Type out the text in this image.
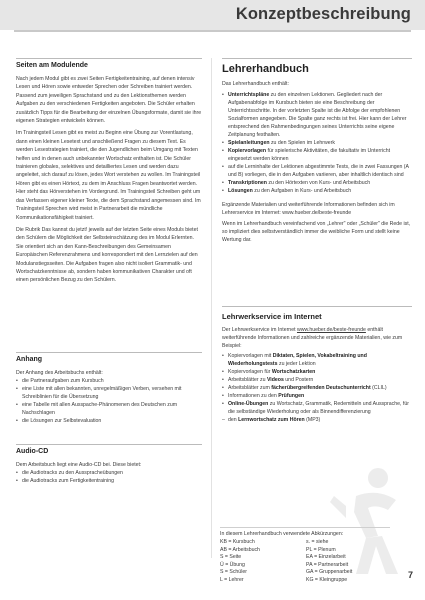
Konzeptbeschreibung
Seiten am Modulende

Nach jedem Modul gibt es zwei Seiten Fertigkeitentraining, auf denen intensiv Lesen und Hören sowie entweder Sprechen oder Schreiben trainiert werden. Passend zum jeweiligen Sprachstand und zu den Lektionsthemen werden Aufgaben zu den verschiedenen Fertigkeiten angeboten. Die Schüler erhalten zusätzlich Tipps für die Bearbeitung der einzelnen Übungsformate, damit sie ihre eigenen Strategien entwickeln können.

Im Trainingsteil Lesen gibt es meist zu Beginn eine Übung zur Vorentlastung, dann einen kleinen Lesetext und anschließend Fragen zu diesem Text. Es werden Lesestrategien trainiert, die den Jugendlichen beim Umgang mit Texten helfen und in denen auch unbekannter Wortschatz enthalten ist. Die Schüler trainieren globales, selektives und detailliertes Lesen und werden dazu angeleitet, sich darauf zu lösen, jedes Wort verstehen zu wollen. Im Trainingsteil Hören gibt es einen Hörtext, zu dem im Anschluss Fragen beantwortet werden. Hier steht das Hörverstehen im Vordergrund. Im Trainingsteil Schreiben geht um das Verfassen eigener kleiner Texte, die dem Sprachstand angemessen sind. Im Trainingsteil Sprechen wird meist in Partnerarbeit die mündliche Kommunikationsfähigkeit trainiert.

Die Rubrik Das kannst du jetzt! jeweils auf der letzten Seite eines Moduls bietet den Schülern die Möglichkeit der Selbsteinschätzung des im Modul Erlernten. Sie orientiert sich an den Kann-Beschreibungen des Gemeinsamen Europäischen Referenzrahmens und korrespondiert mit den Lernzielen auf den Modulanstiegsseiten. Die Aufgaben fragen also nicht isoliert Grammatik- und Wortschatzkenntnisse ab, sondern haben kommunikativen Charakter und oft einen persönlichen Bezug zu den Schülern.

Anhang

Der Anhang des Arbeitsbuchs enthält:

• die Partneraufgaben zum Kursbuch
• eine Liste mit allen bekannten, unregelmäßigen Verben, versehen mit Schreiblinien für die Übersetzung
• eine Tabelle mit allen Ausspache-Phänomenen des Deutschen zum Nachschlagen
• die Lösungen zur Selbstevaluation
Audio-CD

Dem Arbeitsbuch liegt eine Audio-CD bei. Diese bietet:

• die Audiotracks zu den Ausspracheübungen
• die Audiotracks zum Fertigkeitentraining
Lehrerhandbuch

Das Lehrerhandbuch enthält:

• Unterrichtspläne zu den einzelnen Lektionen. Gegliedert nach der Aufgabenabfolge im Kursbuch bieten sie eine Beschreibung der Unterrichtsschritte. In der vorletzten Spalte ist die Abfolge der empfohlenen Sozialformen angegeben. Die Spalte ganz rechts ist frei. Hier kann der Lehrer entsprechend den Rahmenbedingungen seines Unterrichts seine eigene Zeitplanung festhalten.
• Spielanleitungen zu den Spielen im Lehrwerk
• Kopiervorlagen für spielerische Aktivitäten, die fakultativ im Unterricht eingesetzt werden können
• auf die Lerninhalte der Lektionen abgestimmte Tests, die in zwei Fassungen (A und B) vorliegen, die in den Aufgaben variieren, aber inhaltlich identisch sind
• Transkriptionen zu den Hörtexten von Kurs- und Arbeitsbuch
• Lösungen zu den Aufgaben in Kurs- und Arbeitsbuch

Ergänzende Materialien und weiterführende Informationen befinden sich im Lehrerservice im Internet: www.hueber.de/beste-freunde

Wenn im Lehrerhandbuch vereinfachend von „Lehrer" oder „Schüler" die Rede ist, so impliziert dies selbstverständlich immer die weibliche Form und stellt keine Wertung dar.

Lehrwerkservice im Internet

Der Lehrwerkservice im Internet www.hueber.de/beste-freunde enthält weiterführende Informationen und zahlreiche ergänzende Materialien, wie zum Beispiel:

• Kopiervorlagen mit Diktaten, Spielen, Vokabeltraining und Wiederholungstests zu jeder Lektion
• Kopiervorlagen für Wortschatzkarten
• Arbeitsblätter zu Videos und Postern
• Arbeitsblätter zum fächerübergreifenden Deutschunterricht (CLIL)
• Informationen zu den Prüfungen
• Online-Übungen zu Wortschatz, Grammatik, Redemitteln und Aussprache, für die selbständige Wiederholung oder als Binnendifferenzierung
– den Lernwortschatz zum Hören (MP3)
In diesem Lehrerhandbuch verwendete Abkürzungen:
KB = Kursbuch	s. = siehe
AB = Arbeitsbuch	PL = Plenum
S = Seite	EA = Einzelarbeit
Ü = Übung	PA = Partnerarbeit
S = Schüler	GA = Gruppenarbeit
L = Lehrer	KG = Kleingruppe	7
